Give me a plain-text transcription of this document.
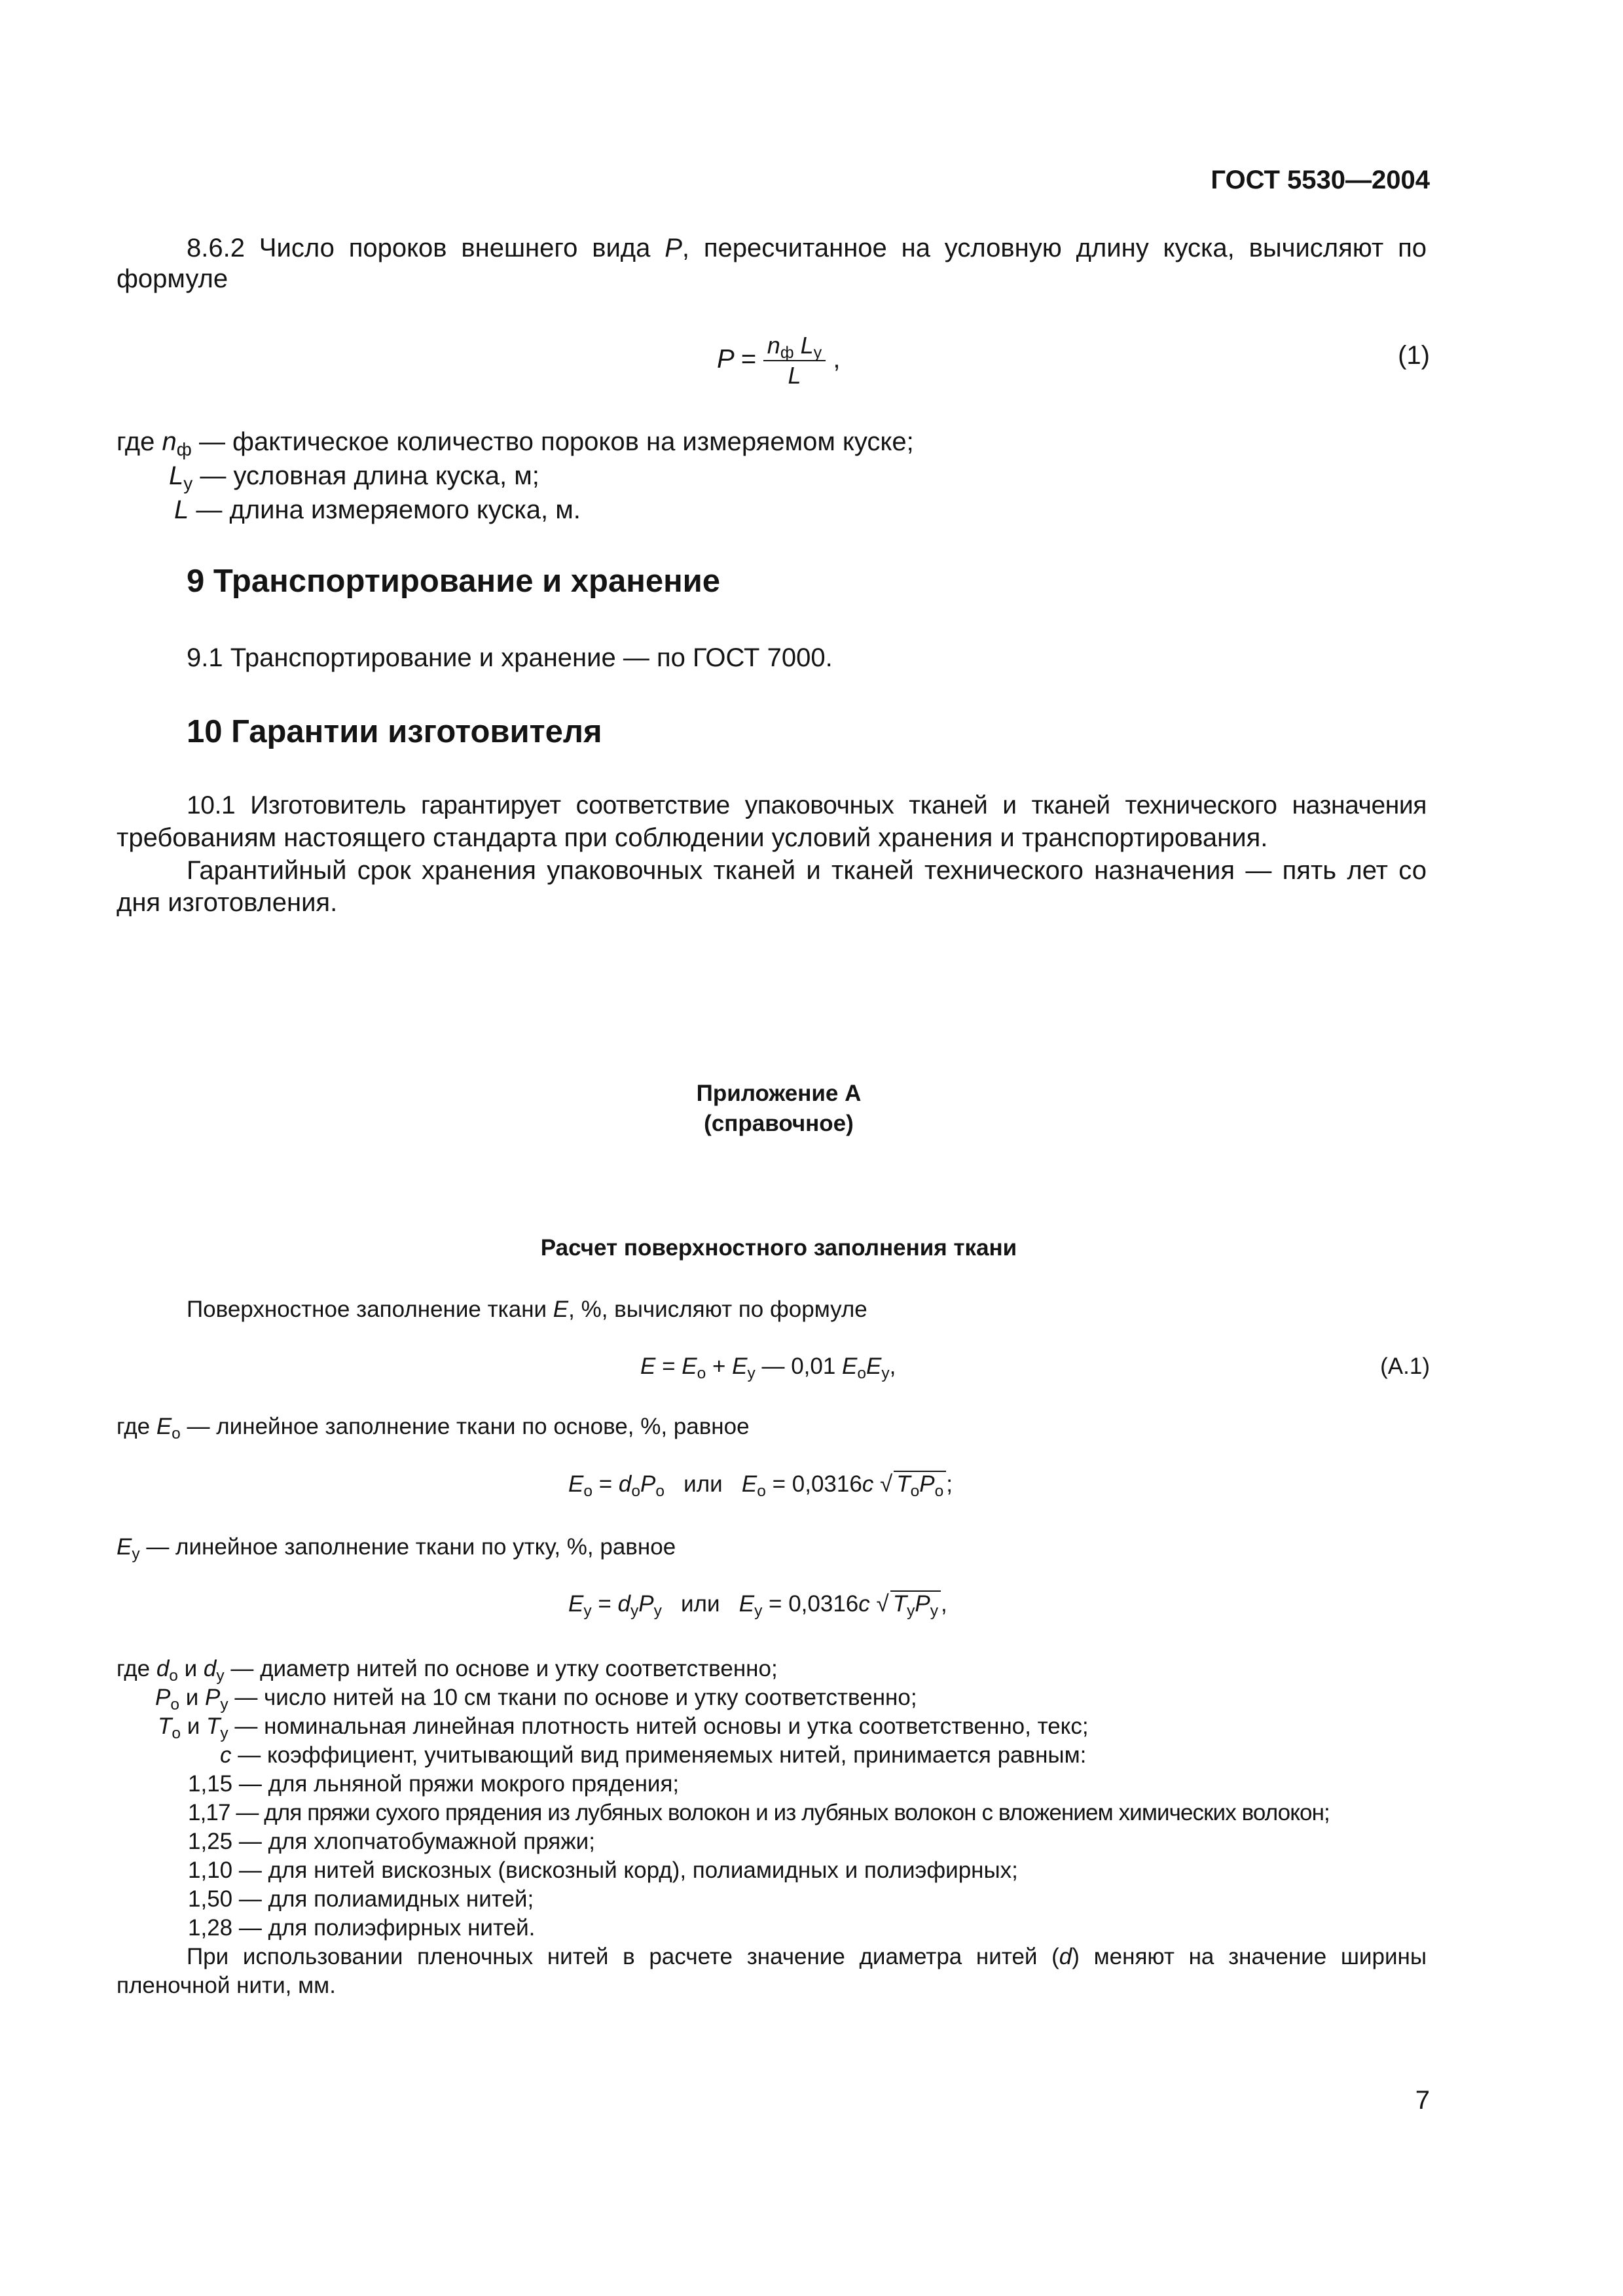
ГОСТ 5530—2004
8.6.2 Число пороков внешнего вида P, пересчитанное на условную длину куска, вычисляют по
формуле
$P = \frac{n_ф L_у}{L}$ ,	(1)
где $n_ф$ — фактическое количество пороков на измеряемом куске;
$L_у$ — условная длина куска, м;
L — длина измеряемого куска, м.
9 Транспортирование и хранение
9.1 Транспортирование и хранение — по ГОСТ 7000.
10 Гарантии изготовителя
10.1 Изготовитель гарантирует соответствие упаковочных тканей и тканей технического назначения
требованиям настоящего стандарта при соблюдении условий хранения и транспортирования.
Гарантийный срок хранения упаковочных тканей и тканей технического назначения — пять лет со
дня изготовления.
Приложение А
(справочное)
Расчет поверхностного заполнения ткани
Поверхностное заполнение ткани E, %, вычисляют по формуле
$E = E_о + E_у$ — 0,01 $E_оE_у$,	(А.1)
где $E_о$ — линейное заполнение ткани по основе, %, равное
$E_о = d_оP_о$   или   $E_о = 0,0316c$ √ $T_оP_о$ ;
$E_у$ — линейное заполнение ткани по утку, %, равное
$E_у = d_уP_у$   или   $E_у = 0,0316c$ √ $T_уP_у$ ,
где $d_о$ и $d_у$ — диаметр нитей по основе и утку соответственно;
$P_о$ и $P_у$ — число нитей на 10 см ткани по основе и утку соответственно;
$T_о$ и $T_у$ — номинальная линейная плотность нитей основы и утка соответственно, текс;
c — коэффициент, учитывающий вид применяемых нитей, принимается равным:
1,15 — для льняной пряжи мокрого прядения;
1,17 — для пряжи сухого прядения из лубяных волокон и из лубяных волокон с вложением химических волокон;
1,25 — для хлопчатобумажной пряжи;
1,10 — для нитей вискозных (вискозный корд), полиамидных и полиэфирных;
1,50 — для полиамидных нитей;
1,28 — для полиэфирных нитей.
При использовании пленочных нитей в расчете значение диаметра нитей (d) меняют на значение ширины
пленочной нити, мм.
7
